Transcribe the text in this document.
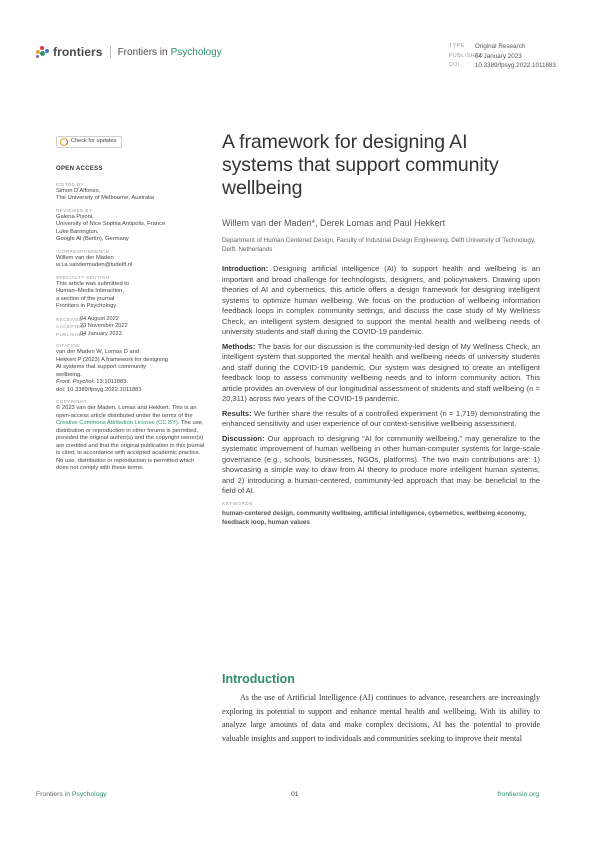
frontiers Frontiers in Psychology
TYPE	Original Research
PUBLISHED
04 January 2023
DOI	10.3389/fpsyg.2022.1011883
Check for updates
OPEN ACCESS
EDITED BY
Simon D'Alfonso,
The University of Melbourne, Australia
REVIEWED BY
Galena Pisoni,
University of Nice Sophia Antipolis, France
Luke Barrington,
Google AI (Berlin), Germany
*CORRESPONDENCE
Willem van der Maden
w.l.a.vandermaden@tudelft.nl
SPECIALTY SECTION
This article was submitted to
Human–Media Interaction,
a section of the journal
Frontiers in Psychology
RECEIVED
04 August 2022
ACCEPTED
23 November 2022
PUBLISHED
04 January 2023
CITATION
van der Maden W, Lomas D and
Hekkert P (2023) A framework for designing
AI systems that support community
wellbeing.
Front. Psychol. 13:1011883.
doi: 10.3389/fpsyg.2022.1011883
COPYRIGHT
© 2023 van der Maden, Lomas and Hekkert. This is an open-access article distributed under the terms of the Creative Commons Attribution License (CC BY). The use, distribution or reproduction in other forums is permitted, provided the original author(s) and the copyright owner(s) are credited and that the original publication in this journal is cited, in accordance with accepted academic practice. No use, distribution or reproduction is permitted which does not comply with these terms.
A framework for designing AI systems that support community wellbeing
Willem van der Maden*, Derek Lomas and Paul Hekkert
Department of Human Centered Design, Faculty of Industrial Design Engineering, Delft University of Technology, Delft, Netherlands

Introduction: Designing artificial intelligence (AI) to support health and wellbeing is an important and broad challenge for technologists, designers, and policymakers. Drawing upon theories of AI and cybernetics, this article offers a design framework for designing intelligent systems to optimize human wellbeing. We focus on the production of wellbeing information feedback loops in complex community settings, and discuss the case study of My Wellness Check, an intelligent system designed to support the mental health and wellbeing needs of university students and staff during the COVID-19 pandemic.

Methods: The basis for our discussion is the community-led design of My Wellness Check, an intelligent system that supported the mental health and wellbeing needs of university students and staff during the COVID-19 pandemic. Our system was designed to create an intelligent feedback loop to assess community wellbeing needs and to inform community action. This article provides an overview of our longitudinal assessment of students and staff wellbeing (n = 20,311) across two years of the COVID-19 pandemic.

Results: We further share the results of a controlled experiment (n = 1,719) demonstrating the enhanced sensitivity and user experience of our context-sensitive wellbeing assessment.

Discussion: Our approach to designing “AI for community wellbeing,” may generalize to the systematic improvement of human wellbeing in other human-computer systems for large-scale governance (e.g., schools, businesses, NGOs, platforms). The two main contributions are: 1) showcasing a simple way to draw from AI theory to produce more intelligent human systems, and 2) introducing a human-centered, community-led approach that may be beneficial to the field of AI.

KEYWORDS
human-centered design, community wellbeing, artificial intelligence, cybernetics, wellbeing economy, feedback loop, human values
Introduction
As the use of Artificial Intelligence (AI) continues to advance, researchers are increasingly exploring its potential to support and enhance mental health and wellbeing. With its ability to analyze large amounts of data and make complex decisions, AI has the potential to provide valuable insights and support to individuals and communities seeking to improve their mental
Frontiers in Psychology	01	frontiersin.org
